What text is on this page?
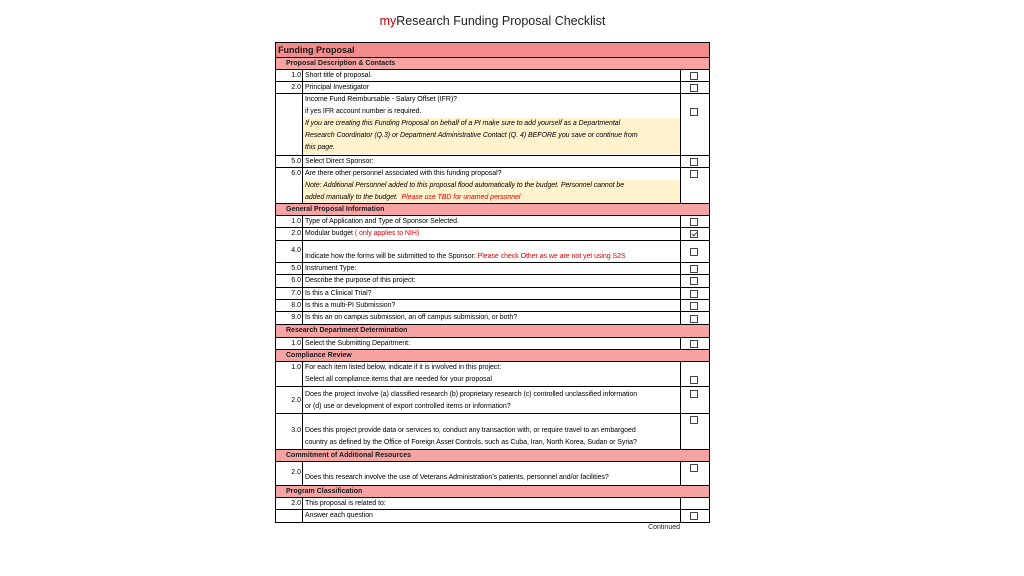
myResearch Funding Proposal Checklist
Funding Proposal
Proposal Description & Contacts
1.0 Short title of proposal.
2.0 Principal Investigator
Income Fund Reimbursable - Salary Offset (IFR)?
if yes IFR account number is required.
If you are creating this Funding Proposal on behalf of a PI make sure to add yourself as a Departmental
Research Coordinator (Q.3) or Department Administrative Contact (Q. 4) BEFORE you save or continue from
this page.
5.0 Select Direct Sponsor:
6.0 Are there other personnel associated with this funding proposal?
Note: Additional Personnel added to this proposal flood automatically to the budget. Personnel cannot be
added manually to the budget. Please use TBD for unamed personnel
General Proposal Information
1.0 Type of Application and Type of Sponsor Selected.
2.0 Modular budget ( only applies to NIH)
4.0
Indicate how the forms will be submitted to the Sponsor: Please check Other as we are not yet using S2S
5.0 Instrument Type:
6.0 Describe the purpose of this project:
7.0 Is this a Clinical Trial?
8.0 Is this a multi-PI Submission?
9.0 Is this an on campus submission, an off campus submission, or both?
Research Department Determination
1.0 Select the Submitting Department:
Compliance Review
1.0 For each item listed below, indicate if it is involved in this project:
Select all compliance items that are needed for your proposal
2.0
Does the project involve (a) classified research (b) proprietary research (c) controlled unclassified information
or (d) use or development of export controlled items or information?
3.0 Does this project provide data or services to, conduct any transaction with, or require travel to an embargoed
country as defined by the Office of Foreign Asset Controls, such as Cuba, Iran, North Korea, Sudan or Syria?
Commitment of Additional Resources
2.0
Does this research involve the use of Veterans Administration’s patients, personnel and/or facilities?
Program Classification
2.0 This proposal is related to:
Answer each question
Continued
